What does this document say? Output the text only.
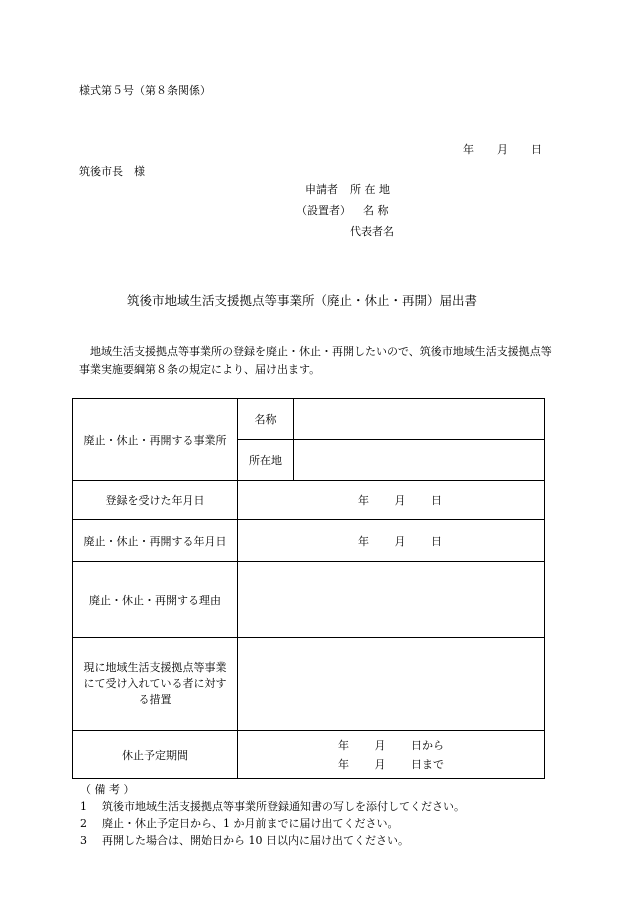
様式第５号（第８条関係）
年 月 日
筑後市長　様
申請者 所 在 地
（設置者） 名 称
代表者名
筑後市地域生活支援拠点等事業所（廃止・休止・再開）届出書
地域生活支援拠点等事業所の登録を廃止・休止・再開したいので、筑後市地域生活支援拠点等
事業実施要綱第８条の規定により、届け出ます。
廃止・休止・再開する事業所	名称	
	所在地	
登録を受けた年月日	年 月 日	
廃止・休止・再開する年月日	年 月 日	
廃止・休止・再開する理由		

現に地域生活支援拠点等事業
にて受け入れている者に対す
る措置		

休止予定期間	年 月 日から
年 月 日まで	
（ 備 考 ）
1 筑後市地域生活支援拠点等事業所登録通知書の写しを添付してください。
2 廃止・休止予定日から、1 か月前までに届け出てください。
3 再開した場合は、開始日から 10 日以内に届け出てください。
